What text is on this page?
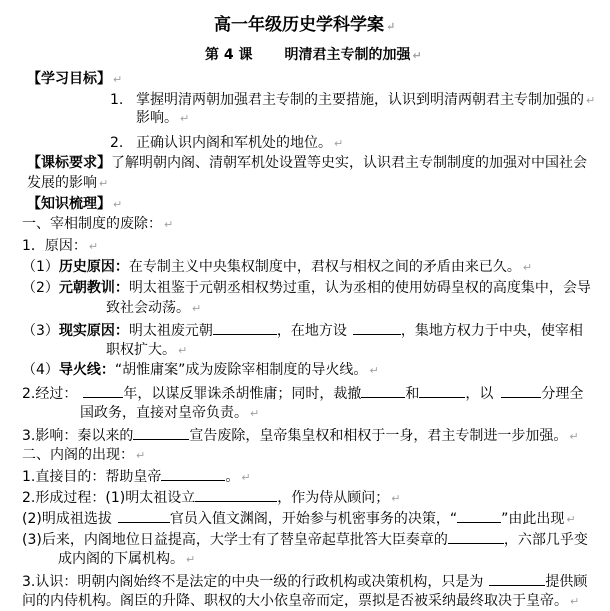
高一年级历史学科学案 ↵
第 4 课 明清君主专制的加强 ↵
【学习目标】 ↵
1. 掌握明清两朝加强君主专制的主要措施，认识到明清两朝君主专制加强的 ↵
影响。 ↵
2. 正确认识内阁和军机处的地位。 ↵
【课标要求】了解明朝内阁、清朝军机处设置等史实，认识君主专制制度的加强对中国社会
发展的影响 ↵
【知识梳理】 ↵
一、宰相制度的废除： ↵
1．原因： ↵
（1）历史原因：在专制主义中央集权制度中，君权与相权之间的矛盾由来已久。 ↵
（2）元朝教训：明太祖鉴于元朝丞相权势过重，认为丞相的使用妨碍皇权的高度集中，会导
致社会动荡。 ↵
（3）现实原因：明太祖废元朝	，在地方设	，集地方权力于中央，使宰相
职权扩大。 ↵
（4）导火线：“胡惟庸案”成为废除宰相制度的导火线。 ↵
2.经过：	年，以谋反罪诛杀胡惟庸；同时，裁撤	和	，以	分理全
国政务，直接对皇帝负责。 ↵
3.影响：秦以来的	宣告废除，皇帝集皇权和相权于一身，君主专制进一步加强。 ↵
二、内阁的出现： ↵
1.直接目的：帮助皇帝	。 ↵
2.形成过程：(1)明太祖设立	，作为侍从顾问； ↵
(2)明成祖选拔	官员入值文渊阁，开始参与机密事务的决策，“	”由此出现 ↵
(3)后来，内阁地位日益提高，大学士有了替皇帝起草批答大臣奏章的	，六部几乎变
成内阁的下属机构。 ↵
3.认识：明朝内阁始终不是法定的中央一级的行政机构或决策机构，只是为	提供顾
问的内侍机构。阁臣的升降、职权的大小依皇帝而定，票拟是否被采纳最终取决于皇帝。 ↵
